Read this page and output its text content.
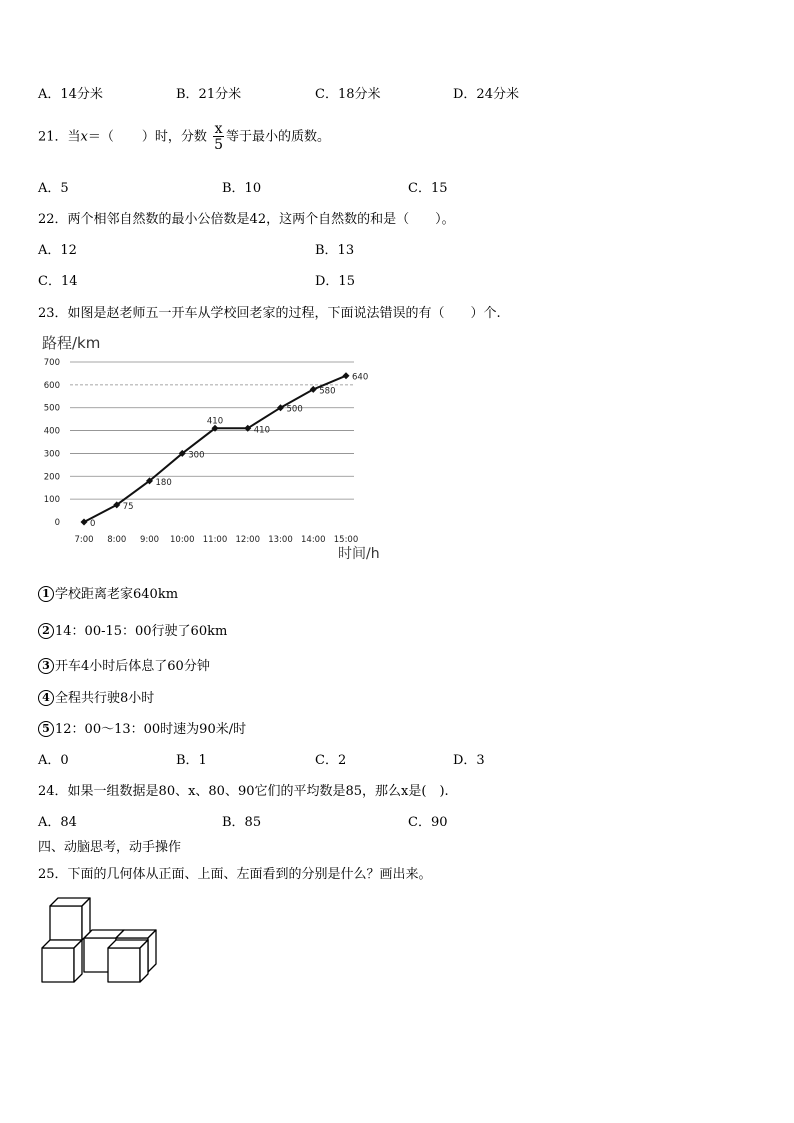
A．14分米	B．21分米	C．18分米	D．24分米
21．当x＝（ ）时，分数 $\frac{x}{5}$ 等于最小的质数。
A．5	B．10	C．15
22．两个相邻自然数的最小公倍数是42，这两个自然数的和是（　　）。
A．12	B．13
C．14	D．15
23．如图是赵老师五一开车从学校回老家的过程，下面说法错误的有（　　）个.
路程/km
时间/h
0
100
200
300
400
500
600
700
7:00 8:00 9:00 10:00 11:00 12:00 13:00 14:00 15:00
0
75
180
300
410
410
500
580
640
1 学校距离老家640km
2 14：00-15：00行驶了60km
3 开车4小时后体息了60分钟
4 全程共行驶8小时
5 12：00～13：00时速为90米/时
A．0	B．1	C．2	D．3
24．如果一组数据是80、x、80、90它们的平均数是85，那么x是(　).
A．84	B．85	C．90
四、动脑思考，动手操作
25．下面的几何体从正面、上面、左面看到的分别是什么？画出来。
